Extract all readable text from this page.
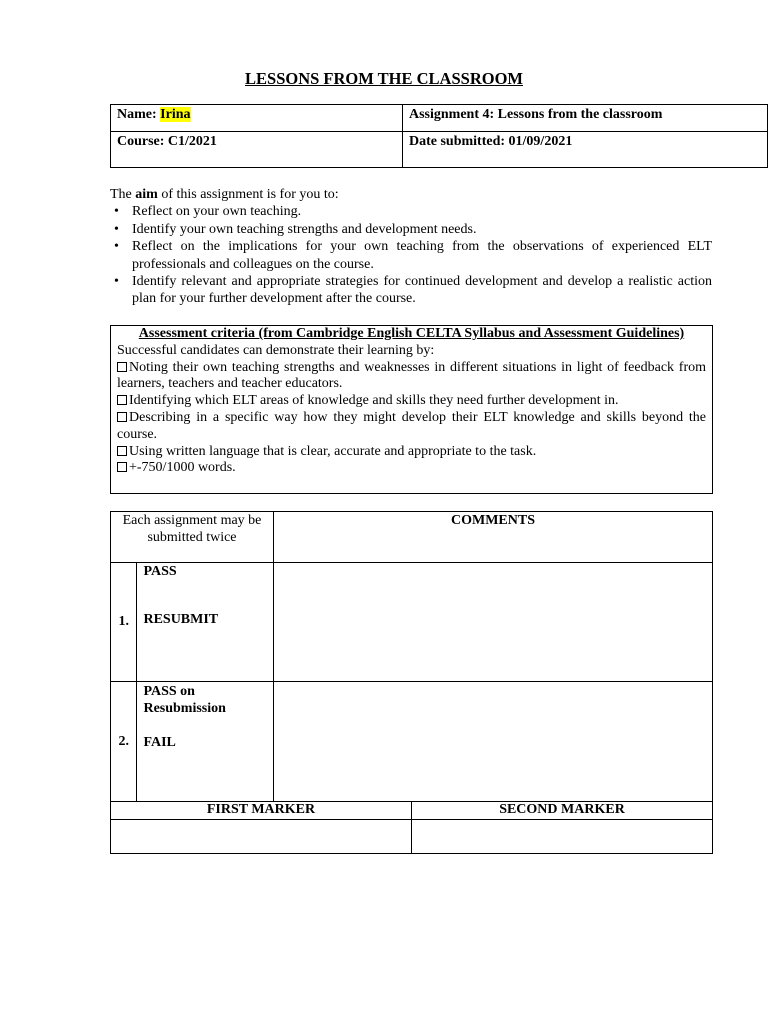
LESSONS FROM THE CLASSROOM
Name: Irina	Assignment 4: Lessons from the classroom
Course: C1/2021	Date submitted: 01/09/2021
The aim of this assignment is for you to:
• Reflect on your own teaching.
• Identify your own teaching strengths and development needs.
• Reflect on the implications for your own teaching from the observations of experienced ELT professionals and colleagues on the course.
• Identify relevant and appropriate strategies for continued development and develop a realistic action plan for your further development after the course.
Assessment criteria (from Cambridge English CELTA Syllabus and Assessment Guidelines)
Successful candidates can demonstrate their learning by:
Noting their own teaching strengths and weaknesses in different situations in light of feedback from learners, teachers and teacher educators.
Identifying which ELT areas of knowledge and skills they need further development in.
Describing in a specific way how they might develop their ELT knowledge and skills beyond the course.
Using written language that is clear, accurate and appropriate to the task.
+-750/1000 words.
Each assignment may be submitted twice		COMMENTS
1.	PASS
RESUBMIT	

2.	PASS on Resubmission
FAIL	

FIRST MARKER	SECOND MARKER
